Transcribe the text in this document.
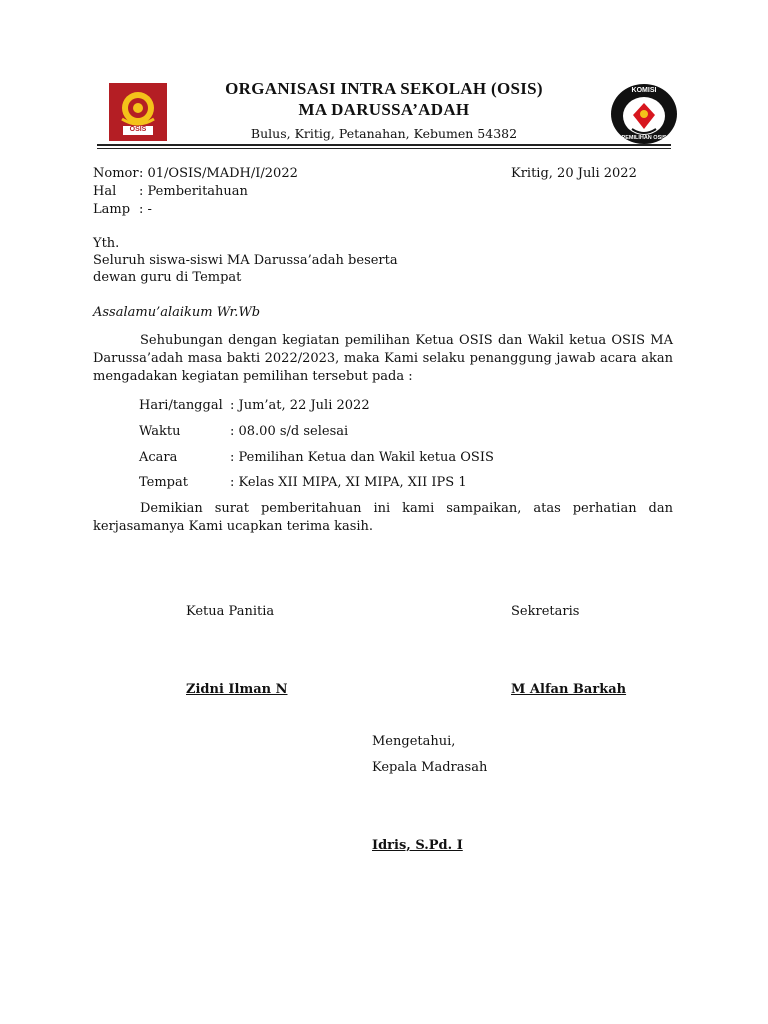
OSIS
ORGANISASI INTRA SEKOLAH (OSIS)
MA DARUSSA’ADAH
Bulus, Kritig, Petanahan, Kebumen 54382
KOMISI
PEMILIHAN OSIS
Nomor : 01/OSIS/MADH/I/2022	Kritig, 20 Juli 2022
Hal : Pemberitahuan
Lamp : -
Yth.
Seluruh siswa-siswi MA Darussa’adah beserta
dewan guru di Tempat
Assalamu’alaikum Wr.Wb
Sehubungan dengan kegiatan pemilihan Ketua OSIS dan Wakil ketua OSIS MA Darussa’adah masa bakti 2022/2023, maka Kami selaku penanggung jawab acara akan mengadakan kegiatan pemilihan tersebut pada :
Hari/tanggal : Jum’at, 22 Juli 2022
Waktu	: 08.00 s/d selesai
Acara	: Pemilihan Ketua dan Wakil ketua OSIS
Tempat	: Kelas XII MIPA, XI MIPA, XII IPS 1
Demikian surat pemberitahuan ini kami sampaikan, atas perhatian dan kerjasamanya Kami ucapkan terima kasih.
Ketua Panitia	Sekretaris
Zidni Ilman N	M Alfan Barkah
Mengetahui,
Kepala Madrasah
Idris, S.Pd. I
